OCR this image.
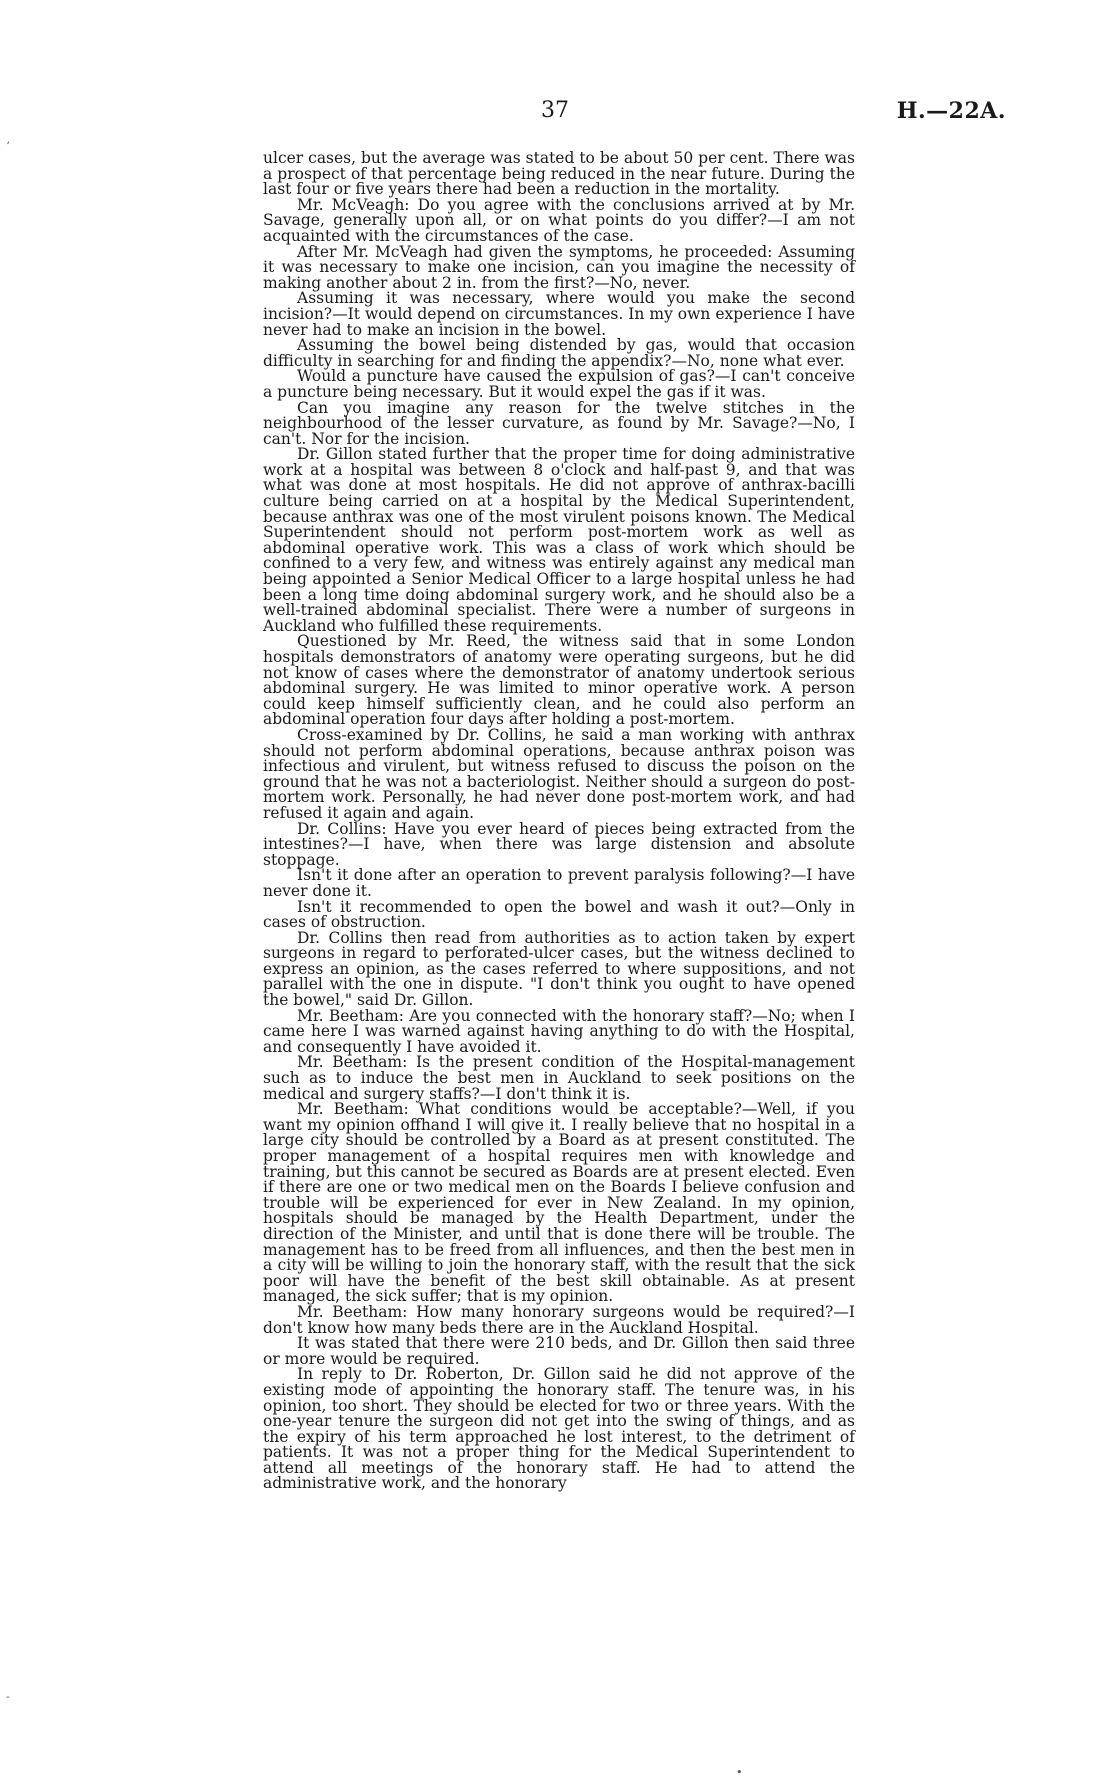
37	H.—22A.

ulcer cases, but the average was stated to be about 50 per cent. There was a prospect of that percentage being reduced in the near future. During the last four or five years there had been a reduction in the mortality.

Mr. McVeagh: Do you agree with the conclusions arrived at by Mr. Savage, generally upon all, or on what points do you differ?—I am not acquainted with the circumstances of the case.

After Mr. McVeagh had given the symptoms, he proceeded: Assuming it was necessary to make one incision, can you imagine the necessity of making another about 2 in. from the first?—No, never.

Assuming it was necessary, where would you make the second incision?—It would depend on circumstances. In my own experience I have never had to make an incision in the bowel.

Assuming the bowel being distended by gas, would that occasion difficulty in searching for and finding the appendix?—No, none what ever.

Would a puncture have caused the expulsion of gas?—I can't conceive a puncture being necessary. But it would expel the gas if it was.

Can you imagine any reason for the twelve stitches in the neighbourhood of the lesser curvature, as found by Mr. Savage?—No, I can't. Nor for the incision.

Dr. Gillon stated further that the proper time for doing administrative work at a hospital was between 8 o'clock and half-past 9, and that was what was done at most hospitals. He did not approve of anthrax-bacilli culture being carried on at a hospital by the Medical Superintendent, because anthrax was one of the most virulent poisons known. The Medical Superintendent should not perform post-mortem work as well as abdominal operative work. This was a class of work which should be confined to a very few, and witness was entirely against any medical man being appointed a Senior Medical Officer to a large hospital unless he had been a long time doing abdominal surgery work, and he should also be a well-trained abdominal specialist. There were a number of surgeons in Auckland who fulfilled these requirements.

Questioned by Mr. Reed, the witness said that in some London hospitals demonstrators of anatomy were operating surgeons, but he did not know of cases where the demonstrator of anatomy undertook serious abdominal surgery. He was limited to minor operative work. A person could keep himself sufficiently clean, and he could also perform an abdominal operation four days after holding a post-mortem.

Cross-examined by Dr. Collins, he said a man working with anthrax should not perform abdominal operations, because anthrax poison was infectious and virulent, but witness refused to discuss the poison on the ground that he was not a bacteriologist. Neither should a surgeon do post-mortem work. Personally, he had never done post-mortem work, and had refused it again and again.

Dr. Collins: Have you ever heard of pieces being extracted from the intestines?—I have, when there was large distension and absolute stoppage.

Isn't it done after an operation to prevent paralysis following?—I have never done it.

Isn't it recommended to open the bowel and wash it out?—Only in cases of obstruction.

Dr. Collins then read from authorities as to action taken by expert surgeons in regard to perforated-ulcer cases, but the witness declined to express an opinion, as the cases referred to where suppositions, and not parallel with the one in dispute. "I don't think you ought to have opened the bowel," said Dr. Gillon.

Mr. Beetham: Are you connected with the honorary staff?—No; when I came here I was warned against having anything to do with the Hospital, and consequently I have avoided it.

Mr. Beetham: Is the present condition of the Hospital-management such as to induce the best men in Auckland to seek positions on the medical and surgery staffs?—I don't think it is.

Mr. Beetham: What conditions would be acceptable?—Well, if you want my opinion offhand I will give it. I really believe that no hospital in a large city should be controlled by a Board as at present constituted. The proper management of a hospital requires men with knowledge and training, but this cannot be secured as Boards are at present elected. Even if there are one or two medical men on the Boards I believe confusion and trouble will be experienced for ever in New Zealand. In my opinion, hospitals should be managed by the Health Department, under the direction of the Minister, and until that is done there will be trouble. The management has to be freed from all influences, and then the best men in a city will be willing to join the honorary staff, with the result that the sick poor will have the benefit of the best skill obtainable. As at present managed, the sick suffer; that is my opinion.

Mr. Beetham: How many honorary surgeons would be required?—I don't know how many beds there are in the Auckland Hospital.

It was stated that there were 210 beds, and Dr. Gillon then said three or more would be required.

In reply to Dr. Roberton, Dr. Gillon said he did not approve of the existing mode of appointing the honorary staff. The tenure was, in his opinion, too short. They should be elected for two or three years. With the one-year tenure the surgeon did not get into the swing of things, and as the expiry of his term approached he lost interest, to the detriment of patients. It was not a proper thing for the Medical Superintendent to attend all meetings of the honorary staff. He had to attend the administrative work, and the honorary

ʼ
-
•
